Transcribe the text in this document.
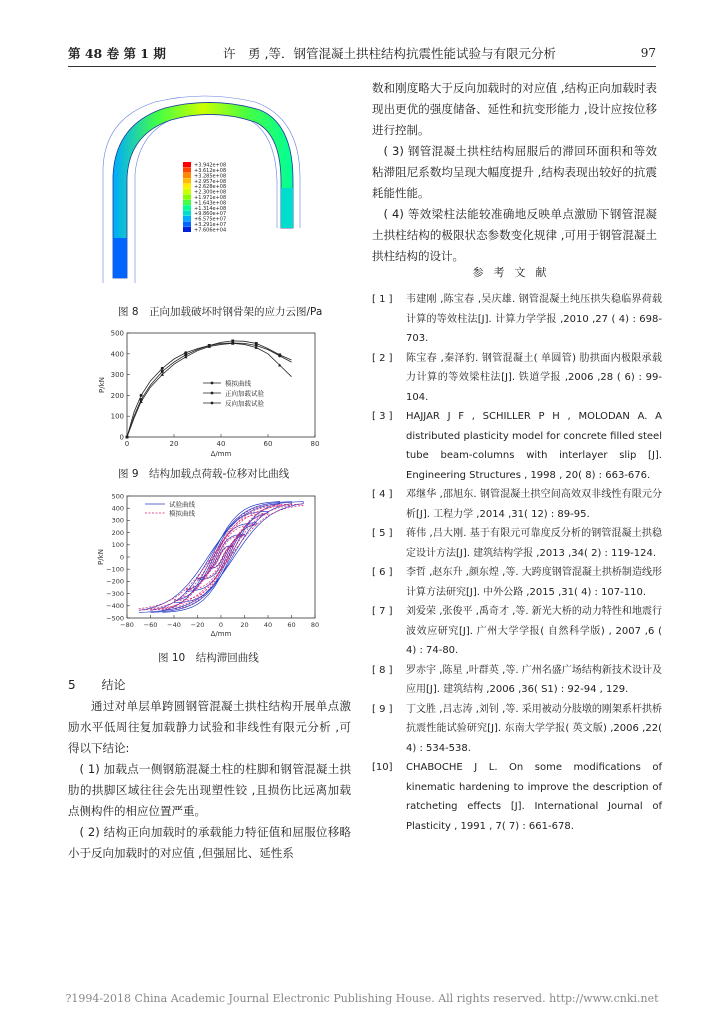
第 48 卷 第 1 期	许　勇 ,等．钢管混凝土拱柱结构抗震性能试验与有限元分析	97
+3.942e+08
+3.612e+08
+3.285e+08
+2.957e+08
+2.628e+08
+2.300e+08
+1.971e+08
+1.643e+08
+1.314e+08
+9.860e+07
+6.575e+07
+3.291e+07
+7.606e+04
图 8　正向加载破坏时钢骨架的应力云图/Pa
0	20	40	60	80
0
100
200
300
400
500
Δ/mm
P/kN	模拟曲线
正向加载试验
反向加载试验
图 9　结构加载点荷载-位移对比曲线
−80 −60 −40 −20 0	20 40 60 80
500
400
300
200
100
0
−100
−200
−300
−400
−500
Δ/mm
P/kN
试验曲线
模拟曲线
图 10　结构滞回曲线
5 结论

通过对单层单跨圆钢管混凝土拱柱结构开展单点激励水平低周往复加载静力试验和非线性有限元分析 ,可得以下结论:

( 1) 加载点一侧钢筋混凝土柱的柱脚和钢管混凝土拱肋的拱脚区域往往会先出现塑性铰 ,且损伤比远离加载点侧构件的相应位置严重。

( 2) 结构正向加载时的承载能力特征值和屈服位移略小于反向加载时的对应值 ,但强屈比、延性系

数和刚度略大于反向加载时的对应值 ,结构正向加载时表现出更优的强度储备、延性和抗变形能力 ,设计应按位移进行控制。

( 3) 钢管混凝土拱柱结构屈服后的滞回环面积和等效粘滞阻尼系数均呈现大幅度提升 ,结构表现出较好的抗震耗能性能。

( 4) 等效梁柱法能较准确地反映单点激励下钢管混凝土拱柱结构的极限状态参数变化规律 ,可用于钢管混凝土拱柱结构的设计。

参考文献
[ 1 ]	韦建刚 ,陈宝春 ,吴庆雄. 钢管混凝土纯压拱失稳临界荷载计算的等效柱法[J]. 计算力学学报 ,2010 ,27 ( 4) : 698-703.
[ 2 ]	陈宝春 ,秦泽豹. 钢管混凝土( 单圆管) 肋拱面内极限承载力计算的等效梁柱法[J]. 铁道学报 ,2006 ,28 ( 6) : 99-104.
[ 3 ]	HAJJAR J F , SCHILLER P H , MOLODAN A. A distributed plasticity model for concrete filled steel tube beam-columns with interlayer slip [J]. Engineering Structures , 1998 , 20( 8) : 663-676.
[ 4 ]	邓继华 ,邵旭东. 钢管混凝土拱空间高效双非线性有限元分析[J]. 工程力学 ,2014 ,31( 12) : 89-95.
[ 5 ]	蒋伟 ,吕大刚. 基于有限元可靠度反分析的钢管混凝土拱稳定设计方法[J]. 建筑结构学报 ,2013 ,34( 2) : 119-124.
[ 6 ]	李哲 ,赵东升 ,颜东煌 ,等. 大跨度钢管混凝土拱桥制造线形计算方法研究[J]. 中外公路 ,2015 ,31( 4) : 107-110.
[ 7 ]	刘爱荣 ,张俊平 ,禹奇才 ,等. 新光大桥的动力特性和地震行波效应研究[J]. 广州大学学报( 自然科学版) , 2007 ,6 ( 4) : 74-80.
[ 8 ]	罗赤宇 ,陈星 ,叶群英 ,等. 广州名盛广场结构新技术设计及应用[J]. 建筑结构 ,2006 ,36( S1) : 92-94 , 129.
[ 9 ]	丁文胜 ,吕志涛 ,刘钊 ,等. 采用被动分肢墩的刚架系杆拱桥抗震性能试验研究[J]. 东南大学学报( 英文版) ,2006 ,22( 4) : 534-538.
[10]	CHABOCHE J L. On some modifications of kinematic hardening to improve the description of ratcheting effects [J]. International Journal of Plasticity , 1991 , 7( 7) : 661-678.
?1994-2018 China Academic Journal Electronic Publishing House. All rights reserved. http://www.cnki.net
